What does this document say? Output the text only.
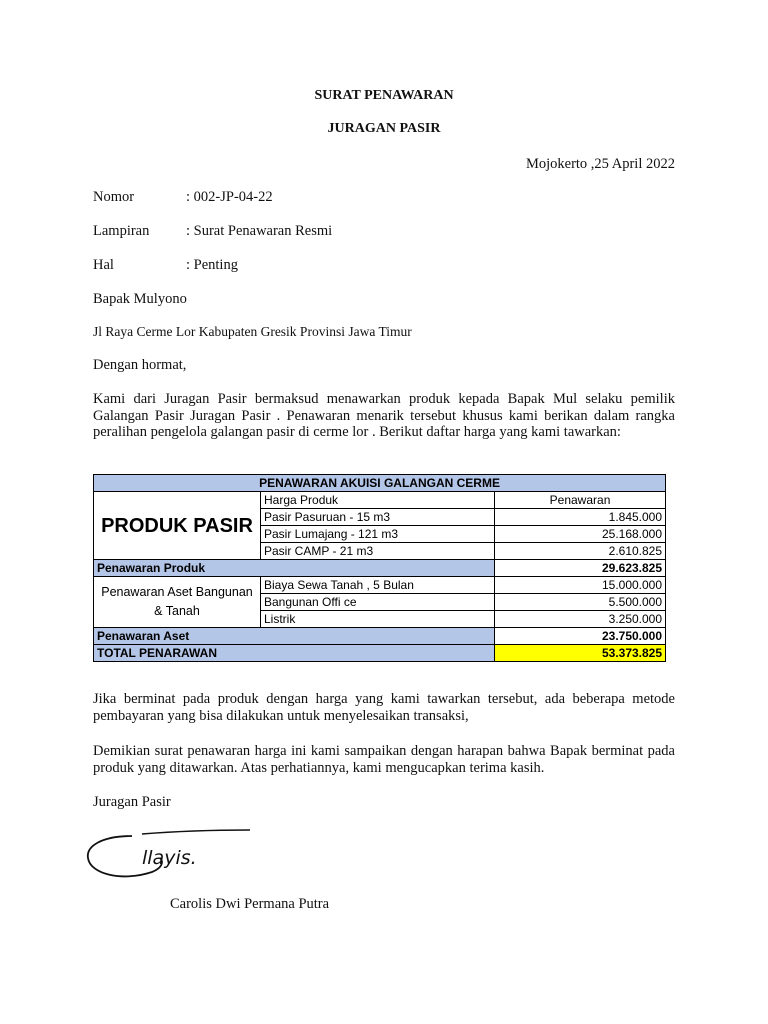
SURAT PENAWARAN
JURAGAN PASIR
Mojokerto ,25 April 2022
Nomor	: 002-JP-04-22
Lampiran	: Surat Penawaran Resmi
Hal	: Penting
Bapak Mulyono
Jl Raya Cerme Lor Kabupaten Gresik Provinsi Jawa Timur
Dengan hormat,
Kami dari Juragan Pasir bermaksud menawarkan produk kepada Bapak Mul selaku pemilik Galangan Pasir Juragan Pasir . Penawaran menarik tersebut khusus kami berikan dalam rangka peralihan pengelola galangan pasir di cerme lor . Berikut daftar harga yang kami tawarkan:
PENAWARAN AKUISI GALANGAN CERME		
PRODUK PASIR	Harga Produk	Penawaran
	Pasir Pasuruan - 15 m3	1.845.000
	Pasir Lumajang - 121 m3	25.168.000
	Pasir CAMP - 21 m3	2.610.825
Penawaran Produk		29.623.825
Penawaran Aset Bangunan & Tanah	Biaya Sewa Tanah , 5 Bulan	15.000.000
	Bangunan Offi ce	5.500.000
	Listrik	3.250.000
Penawaran Aset		23.750.000
TOTAL PENARAWAN		53.373.825
Jika berminat pada produk dengan harga yang kami tawarkan tersebut, ada beberapa metode pembayaran yang bisa dilakukan untuk menyelesaikan transaksi,
Demikian surat penawaran harga ini kami sampaikan dengan harapan bahwa Bapak berminat pada produk yang ditawarkan. Atas perhatiannya, kami mengucapkan terima kasih.
Juragan Pasir
llayis.
Carolis Dwi Permana Putra
